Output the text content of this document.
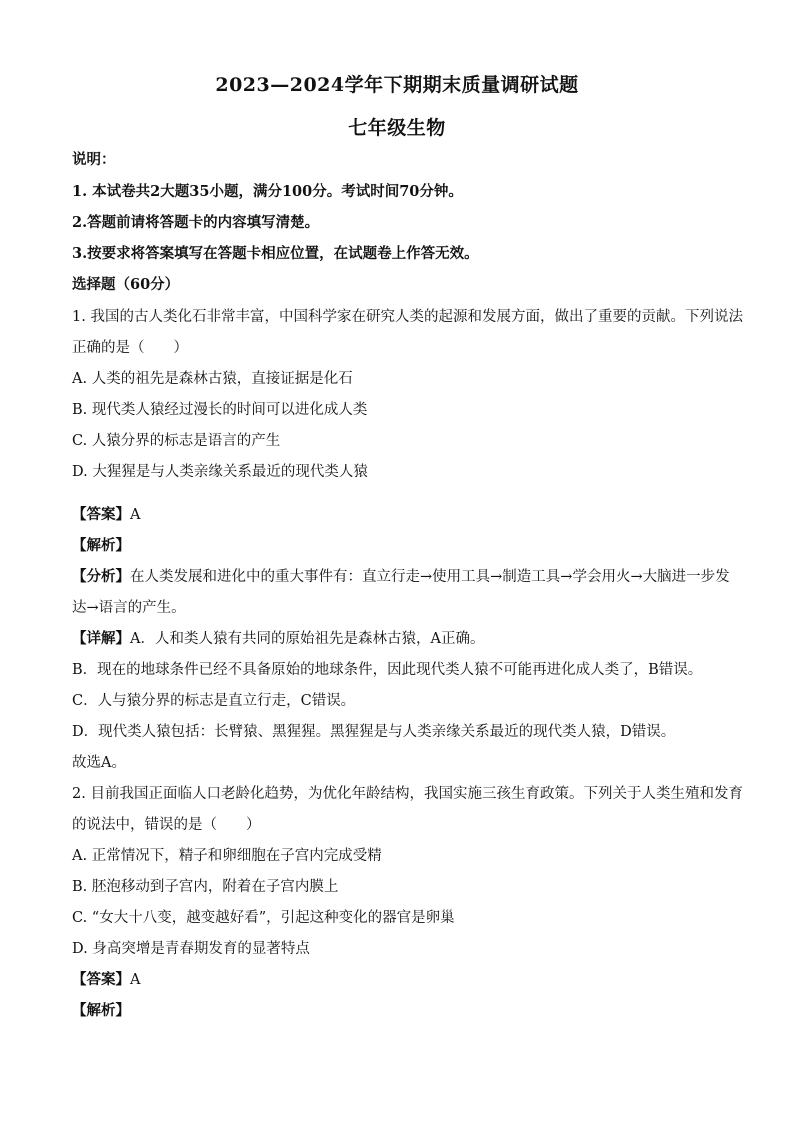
2023—2024学年下期期末质量调研试题
七年级生物
说明：
1. 本试卷共2大题35小题，满分100分。考试时间70分钟。
2.答题前请将答题卡的内容填写清楚。
3.按要求将答案填写在答题卡相应位置，在试题卷上作答无效。
选择题（60分）
1. 我国的古人类化石非常丰富，中国科学家在研究人类的起源和发展方面，做出了重要的贡献。下列说法
正确的是（　　）
A. 人类的祖先是森林古猿，直接证据是化石
B. 现代类人猿经过漫长的时间可以进化成人类
C. 人猿分界的标志是语言的产生
D. 大猩猩是与人类亲缘关系最近的现代类人猿
【答案】A
【解析】
【分析】在人类发展和进化中的重大事件有：直立行走→使用工具→制造工具→学会用火→大脑进一步发
达→语言的产生。
【详解】A．人和类人猿有共同的原始祖先是森林古猿，A正确。
B．现在的地球条件已经不具备原始的地球条件，因此现代类人猿不可能再进化成人类了，B错误。
C．人与猿分界的标志是直立行走，C错误。
D．现代类人猿包括：长臂猿、黑猩猩。黑猩猩是与人类亲缘关系最近的现代类人猿，D错误。
故选A。
2. 目前我国正面临人口老龄化趋势，为优化年龄结构，我国实施三孩生育政策。下列关于人类生殖和发育
的说法中，错误的是（　　）
A. 正常情况下，精子和卵细胞在子宫内完成受精
B. 胚泡移动到子宫内，附着在子宫内膜上
C. “女大十八变，越变越好看”，引起这种变化的器官是卵巢
D. 身高突增是青春期发育的显著特点
【答案】A
【解析】
